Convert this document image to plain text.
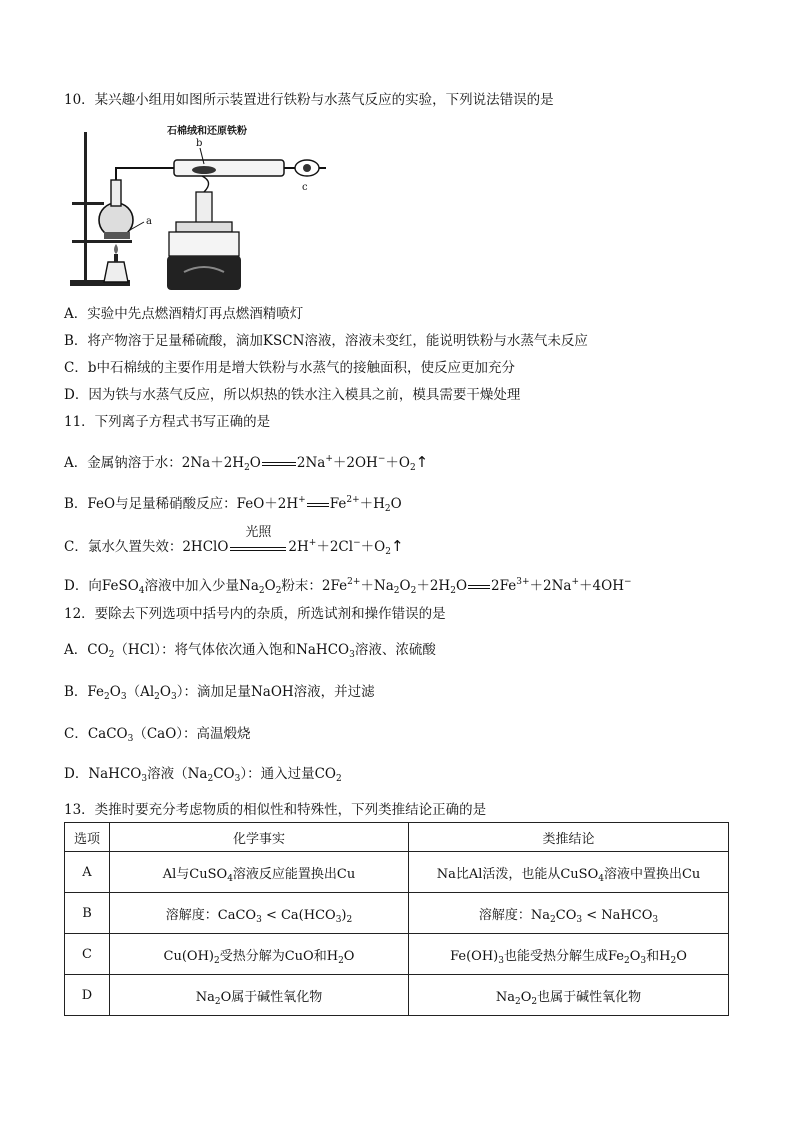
10．某兴趣小组用如图所示装置进行铁粉与水蒸气反应的实验，下列说法错误的是
a
c
b
石棉绒和还原铁粉
A．实验中先点燃酒精灯再点燃酒精喷灯
B．将产物溶于足量稀硫酸，滴加KSCN溶液，溶液未变红，能说明铁粉与水蒸气未反应
C．b中石棉绒的主要作用是增大铁粉与水蒸气的接触面积，使反应更加充分
D．因为铁与水蒸气反应，所以炽热的铁水注入模具之前，模具需要干燥处理
11．下列离子方程式书写正确的是
A．金属钠溶于水：$2Na+2H_2O$	$2Na^++2OH^-+O_2↑$
B．FeO与足量稀硝酸反应：FeO＋2H+ $Fe^{2+}+H_2O$
C．氯水久置失效：2HClO
光照
$2H^++2Cl^-+O_2↑$
D．向FeSO$_4$溶液中加入少量$Na_2O_2$粉末：$2Fe^{2+}+Na_2O_2+2H_2O$ $2Fe^{3+}+2Na^++4OH^-$
12．要除去下列选项中括号内的杂质，所选试剂和操作错误的是
A．$CO_2(HCl)$：将气体依次通入饱和NaHCO$_3$溶液、浓硫酸
B．$Fe_2O_3(Al_2O_3)$：滴加足量NaOH溶液，并过滤
C．CaCO$_3$（CaO）：高温煅烧
D．NaHCO$_3$溶液$(Na_2CO_3)$：通入过量$CO_2$
13．类推时要充分考虑物质的相似性和特殊性，下列类推结论正确的是
选项	化学事实	类推结论
A	Al与CuSO$_4$溶液反应能置换出Cu	Na比Al活泼，也能从CuSO$_4$溶液中置换出Cu
B	溶解度：CaCO$_3$ < $Ca(HCO_3)_2$	溶解度：$Na_2CO_3$ < NaHCO$_3$
C	$Cu(OH)_2$受热分解为CuO和$H_2O$	$Fe(OH)_3$也能受热分解生成$Fe_2O_3$和$H_2O$
D	$Na_2O$属于碱性氧化物	$Na_2O_2$也属于碱性氧化物
